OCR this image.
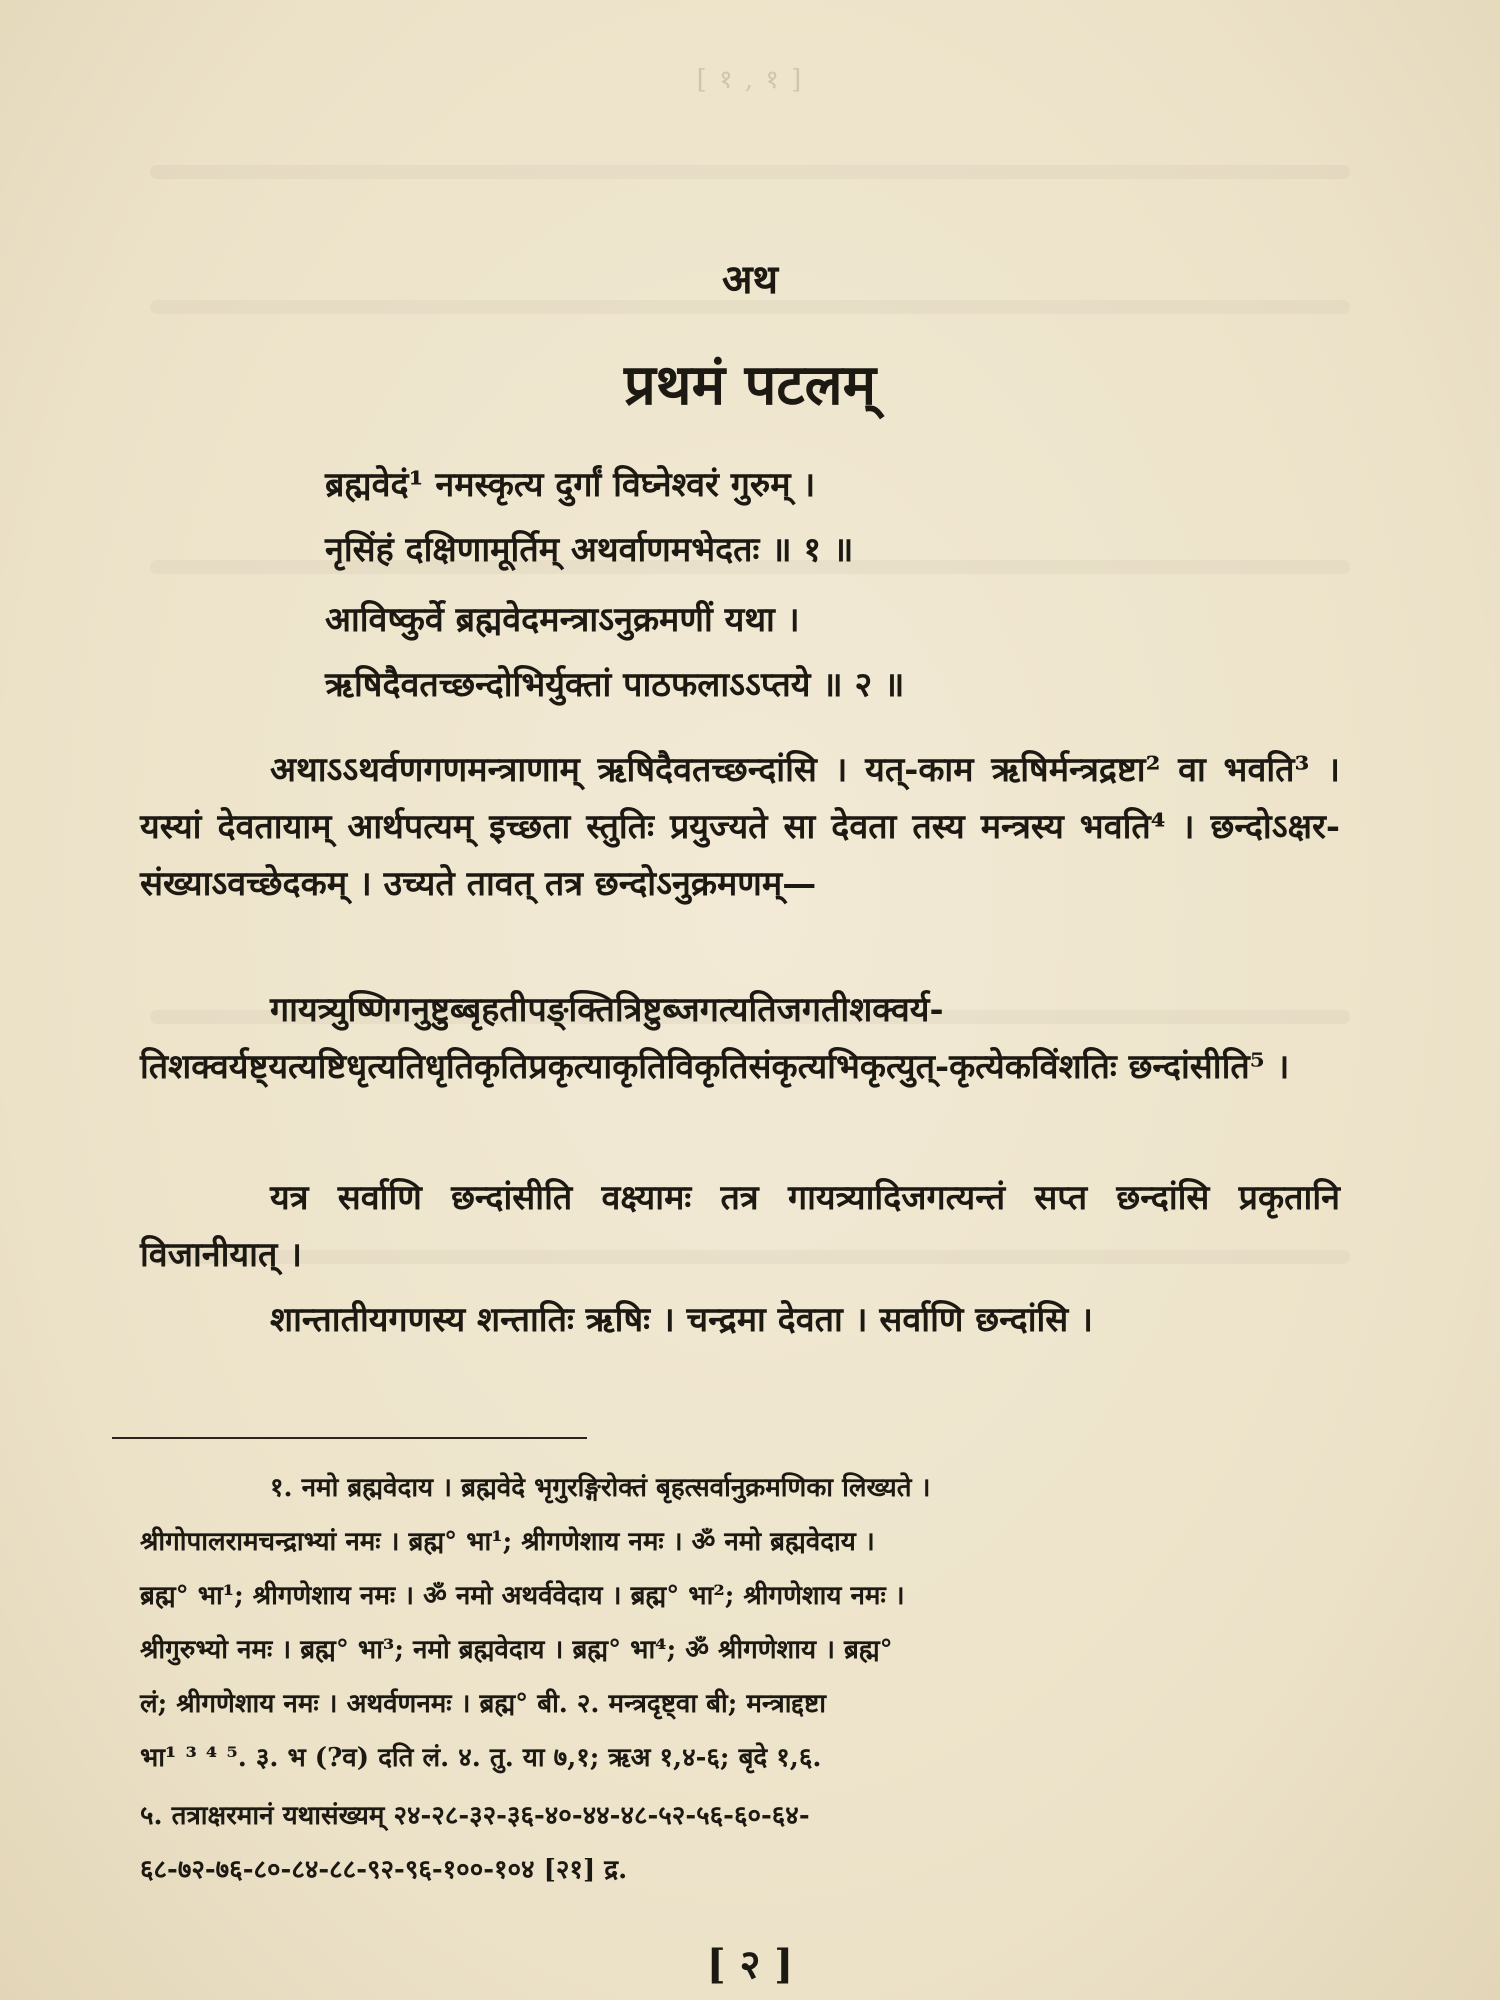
[ १ , १ ]
अथ
प्रथमं पटलम्
ब्रह्मवेदं¹ नमस्कृत्य दुर्गां विघ्नेश्वरं गुरुम् ।
नृसिंहं दक्षिणामूर्तिम् अथर्वाणमभेदतः ॥ १ ॥
आविष्कुर्वे ब्रह्मवेदमन्त्राऽनुक्रमणीं यथा ।
ऋषिदैवतच्छन्दोभिर्युक्तां पाठफलाऽऽप्तये ॥ २ ॥
अथाऽऽथर्वणगणमन्त्राणाम् ऋषिदैवतच्छन्दांसि । यत्-काम ऋषिर्मन्त्रद्रष्टा² वा भवति³ । यस्यां देवतायाम् आर्थपत्यम् इच्छता स्तुतिः प्रयुज्यते सा देवता तस्य मन्त्रस्य भवति⁴ । छन्दोऽक्षर-संख्याऽवच्छेदकम् । उच्यते तावत् तत्र छन्दोऽनुक्रमणम्—
गायत्र्युष्णिगनुष्टुब्बृहतीपङ्क्तित्रिष्टुब्जगत्यतिजगतीशक्वर्य-तिशक्वर्यष्ट्यत्यष्टिधृत्यतिधृतिकृतिप्रकृत्याकृतिविकृतिसंकृत्यभिकृत्युत्-कृत्येकविंशतिः छन्दांसीति⁵ ।
यत्र सर्वाणि छन्दांसीति वक्ष्यामः तत्र गायत्र्यादिजगत्यन्तं सप्त छन्दांसि प्रकृतानि विजानीयात् ।
शान्तातीयगणस्य शन्तातिः ऋषिः । चन्द्रमा देवता । सर्वाणि छन्दांसि ।
१. नमो ब्रह्मवेदाय । ब्रह्मवेदे भृगुरङ्गिरोक्तं बृहत्सर्वानुक्रमणिका लिख्यते ।
श्रीगोपालरामचन्द्राभ्यां नमः । ब्रह्म° भा¹; श्रीगणेशाय नमः । ॐ नमो ब्रह्मवेदाय ।
ब्रह्म° भा¹; श्रीगणेशाय नमः । ॐ नमो अथर्ववेदाय । ब्रह्म° भा²; श्रीगणेशाय नमः ।
श्रीगुरुभ्यो नमः । ब्रह्म° भा³; नमो ब्रह्मवेदाय । ब्रह्म° भा⁴; ॐ श्रीगणेशाय । ब्रह्म°
लं; श्रीगणेशाय नमः । अथर्वणनमः । ब्रह्म° बी. २. मन्त्रदृष्ट्वा बी; मन्त्राद्दष्टा
भा¹ ³ ⁴ ⁵. ३. भ (?व) दति लं. ४. तु. या ७,१; ऋअ १,४-६; बृदे १,६.
५. तत्राक्षरमानं यथासंख्यम् २४-२८-३२-३६-४०-४४-४८-५२-५६-६०-६४-
६८-७२-७६-८०-८४-८८-९२-९६-१००-१०४ [२१] द्र.
[ २ ]
